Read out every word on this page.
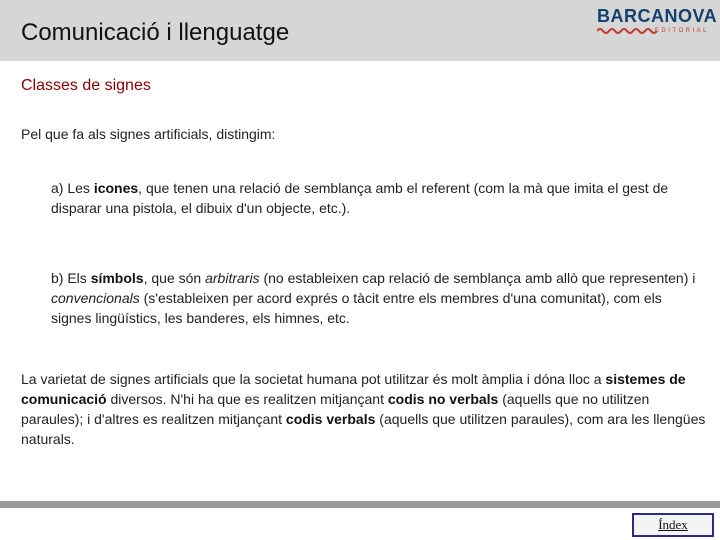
Comunicació i llenguatge
BARCANOVA
EDITORIAL
Classes de signes
Pel que fa als signes artificials, distingim:
a) Les icones, que tenen una relació de semblança amb el referent (com la mà que imita el gest de disparar una pistola, el dibuix d'un objecte, etc.).
b) Els símbols, que són arbitraris (no estableixen cap relació de semblança amb allò que representen) i convencionals (s'estableixen per acord exprés o tàcit entre els membres d'una comunitat), com els signes lingüístics, les banderes, els himnes, etc.
La varietat de signes artificials que la societat humana pot utilitzar és molt àmplia i dóna lloc a sistemes de comunicació diversos. N'hi ha que es realitzen mitjançant codis no verbals (aquells que no utilitzen paraules); i d'altres es realitzen mitjançant codis verbals (aquells que utilitzen paraules), com ara les llengües naturals.
Índex
